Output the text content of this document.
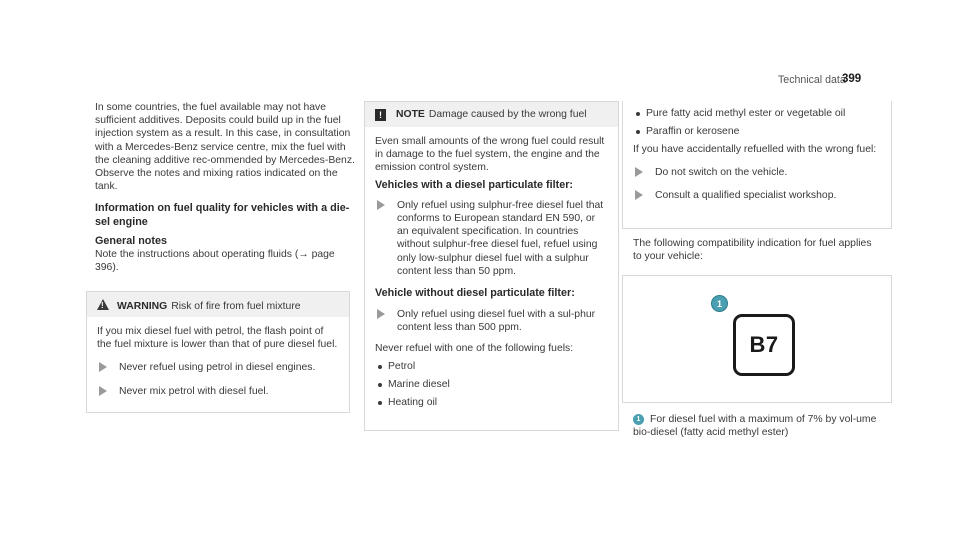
Technical data
399

In some countries, the fuel available may not have sufficient additives. Deposits could build up in the fuel injection system as a result. In this case, in consultation with a Mercedes-Benz service centre, mix the fuel with the cleaning additive rec-ommended by Mercedes-Benz. Observe the notes and mixing ratios indicated on the tank.

Information on fuel quality for vehicles with a die-sel engine

General notes

Note the instructions about operating fluids (→ page 396).

!WARNING Risk of fire from fuel mixture

If you mix diesel fuel with petrol, the flash point of the fuel mixture is lower than that of pure diesel fuel.

Never refuel using petrol in diesel engines.

Never mix petrol with diesel fuel.

! NOTE Damage caused by the wrong fuel

Even small amounts of the wrong fuel could result in damage to the fuel system, the engine and the emission control system.

Vehicles with a diesel particulate filter:

Only refuel using sulphur-free diesel fuel that conforms to European standard EN 590, or an equivalent specification. In countries without sulphur-free diesel fuel, refuel using only low-sulphur diesel fuel with a sulphur content less than 50 ppm.

Vehicle without diesel particulate filter:

Only refuel using diesel fuel with a sul-phur content less than 500 ppm.

Never refuel with one of the following fuels:

Petrol

Marine diesel

Heating oil

Pure fatty acid methyl ester or vegetable oil

Paraffin or kerosene

If you have accidentally refuelled with the wrong fuel:

Do not switch on the vehicle.

Consult a qualified specialist workshop.

The following compatibility indication for fuel applies to your vehicle:

1
B7

1 For diesel fuel with a maximum of 7% by vol-ume bio-diesel (fatty acid methyl ester)
